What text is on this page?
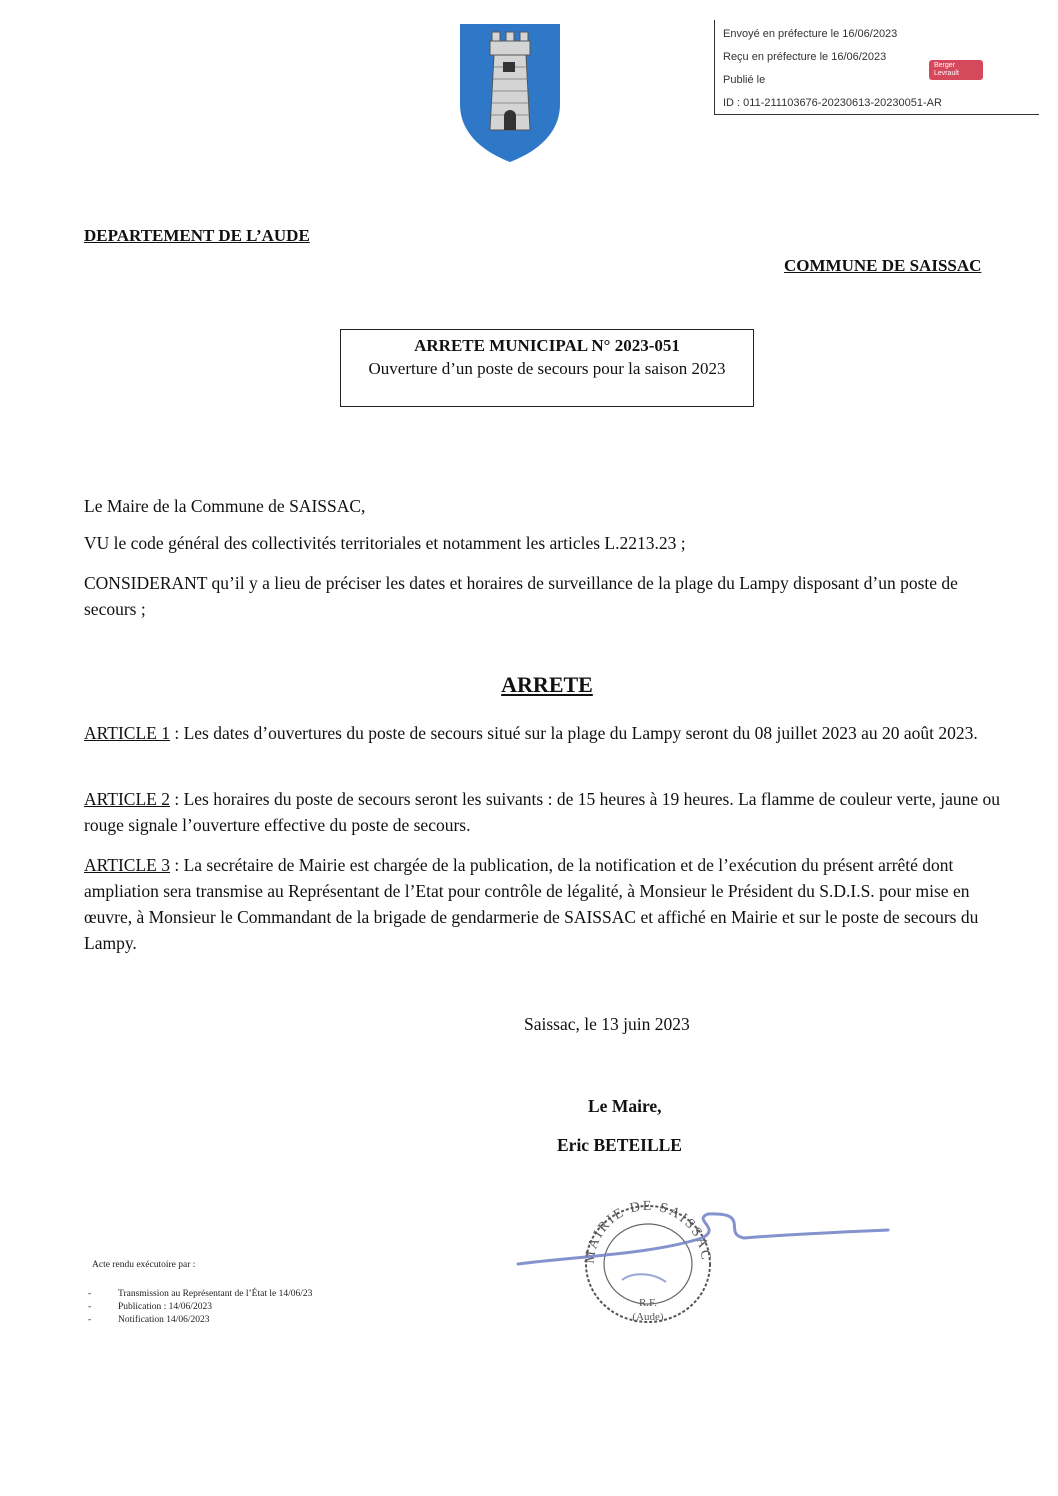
Envoyé en préfecture le 16/06/2023
Reçu en préfecture le 16/06/2023
Publié le
ID : 011-211103676-20230613-20230051-AR
Berger
Levrault
DEPARTEMENT DE L’AUDE
COMMUNE DE SAISSAC
ARRETE MUNICIPAL N° 2023-051
Ouverture d’un poste de secours pour la saison 2023
Le Maire de la Commune de SAISSAC,
VU le code général des collectivités territoriales et notamment les articles L.2213.23 ;
CONSIDERANT qu’il y a lieu de préciser les dates et horaires de surveillance de la plage du Lampy disposant d’un poste de secours ;
ARRETE
ARTICLE 1 : Les dates d’ouvertures du poste de secours situé sur la plage du Lampy seront du 08 juillet 2023 au 20 août 2023.
ARTICLE 2 : Les horaires du poste de secours seront les suivants : de 15 heures à 19 heures. La flamme de couleur verte, jaune ou rouge signale l’ouverture effective du poste de secours.
ARTICLE 3 : La secrétaire de Mairie est chargée de la publication, de la notification et de l’exécution du présent arrêté dont ampliation sera transmise au Représentant de l’Etat pour contrôle de légalité, à Monsieur le Président du S.D.I.S. pour mise en œuvre, à Monsieur le Commandant de la brigade de gendarmerie de SAISSAC et affiché en Mairie et sur le poste de secours du Lampy.
Saissac, le 13 juin 2023
Le Maire,
Eric BETEILLE
MAIRIE DE SAISSAC
R.F.
(Aude)
Acte rendu exécutoire par :
- Transmission au Représentant de l’État le 14/06/23
- Publication : 14/06/2023
- Notification 14/06/2023
